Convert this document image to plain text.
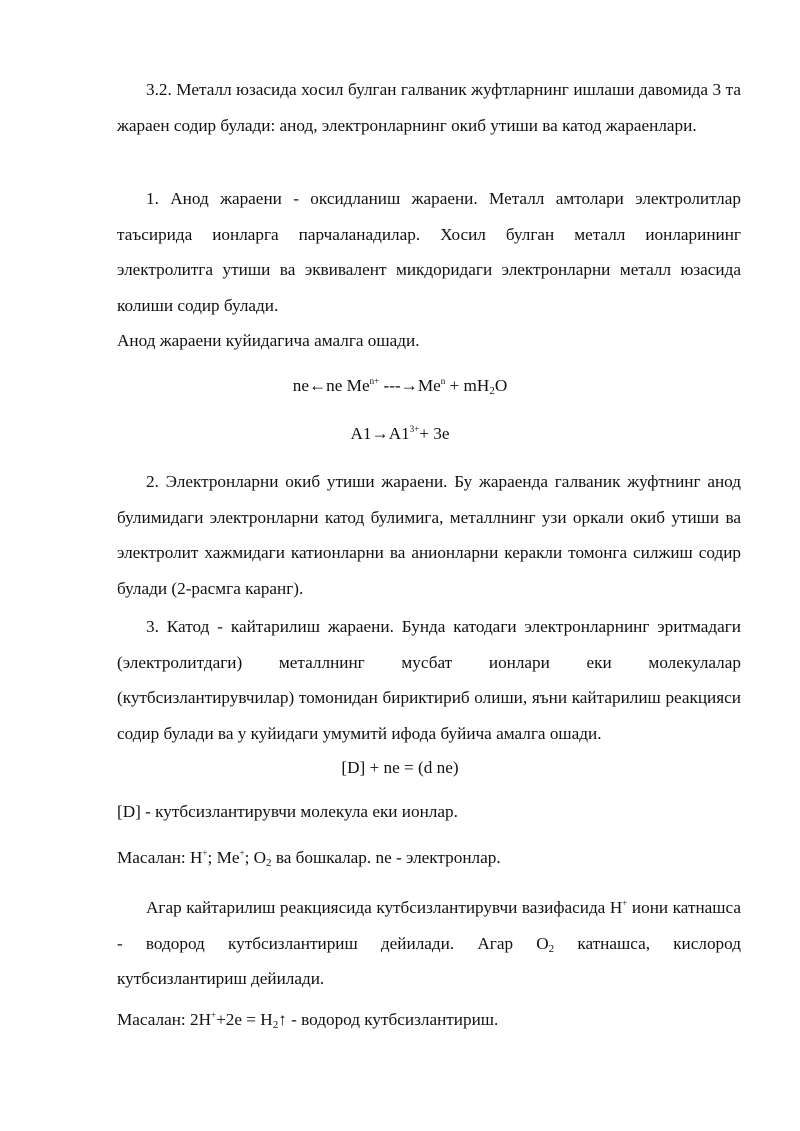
3.2. Металл юзасида хосил булган галваник жуфтларнинг ишлаши давомида 3 та жараен содир булади: анод, электронларнинг окиб утиши ва катод жараенлари.

1. Анод жараени - оксидланиш жараени. Металл амтолари электролитлар таъсирида ионларга парчаланадилар. Хосил булган металл ионларининг электролитга утиши ва эквивалент микдоридаги электронларни металл юзасида колиши содир булади.

Анод жараени куйидагича амалга ошади.

ne←ne $Me^{n+}$ $---\to Me^n + mH_2O$

$A1\to A1^{3+}+ 3e$

2. Электронларни окиб утиши жараени. Бу жараенда галваник жуфтнинг анод булимидаги электронларни катод булимига, металлнинг узи оркали окиб утиши ва электролит хажмидаги катионларни ва анионларни керакли томонга силжиш содир булади (2-расмга каранг).

3. Катод - кайтарилиш жараени. Бунда катодаги электронларнинг эритмадаги (электролитдаги) металлнинг мусбат ионлари еки молекулалар (кутбсизлантирувчилар) томонидан бириктириб олиши, яъни кайтарилиш реакцияси содир булади ва у куйидаги умумитй ифода буйича амалга ошади.

[D] + ne = (d ne)

[D] - кутбсизлантирувчи молекула еки ионлар.

Масалан: H+; Me+; $O_2$ ва бошкалар. ne - электронлар.

Агар кайтарилиш реакциясида кутбсизлантирувчи вазифасида H+ иони катнашса - водород кутбсизлантириш дейилади. Агар $O_2$ катнашса, кислород кутбсизлантириш дейилади.

Масалан: $2H^++2e = H_2↑$ - водород кутбсизлантириш.
